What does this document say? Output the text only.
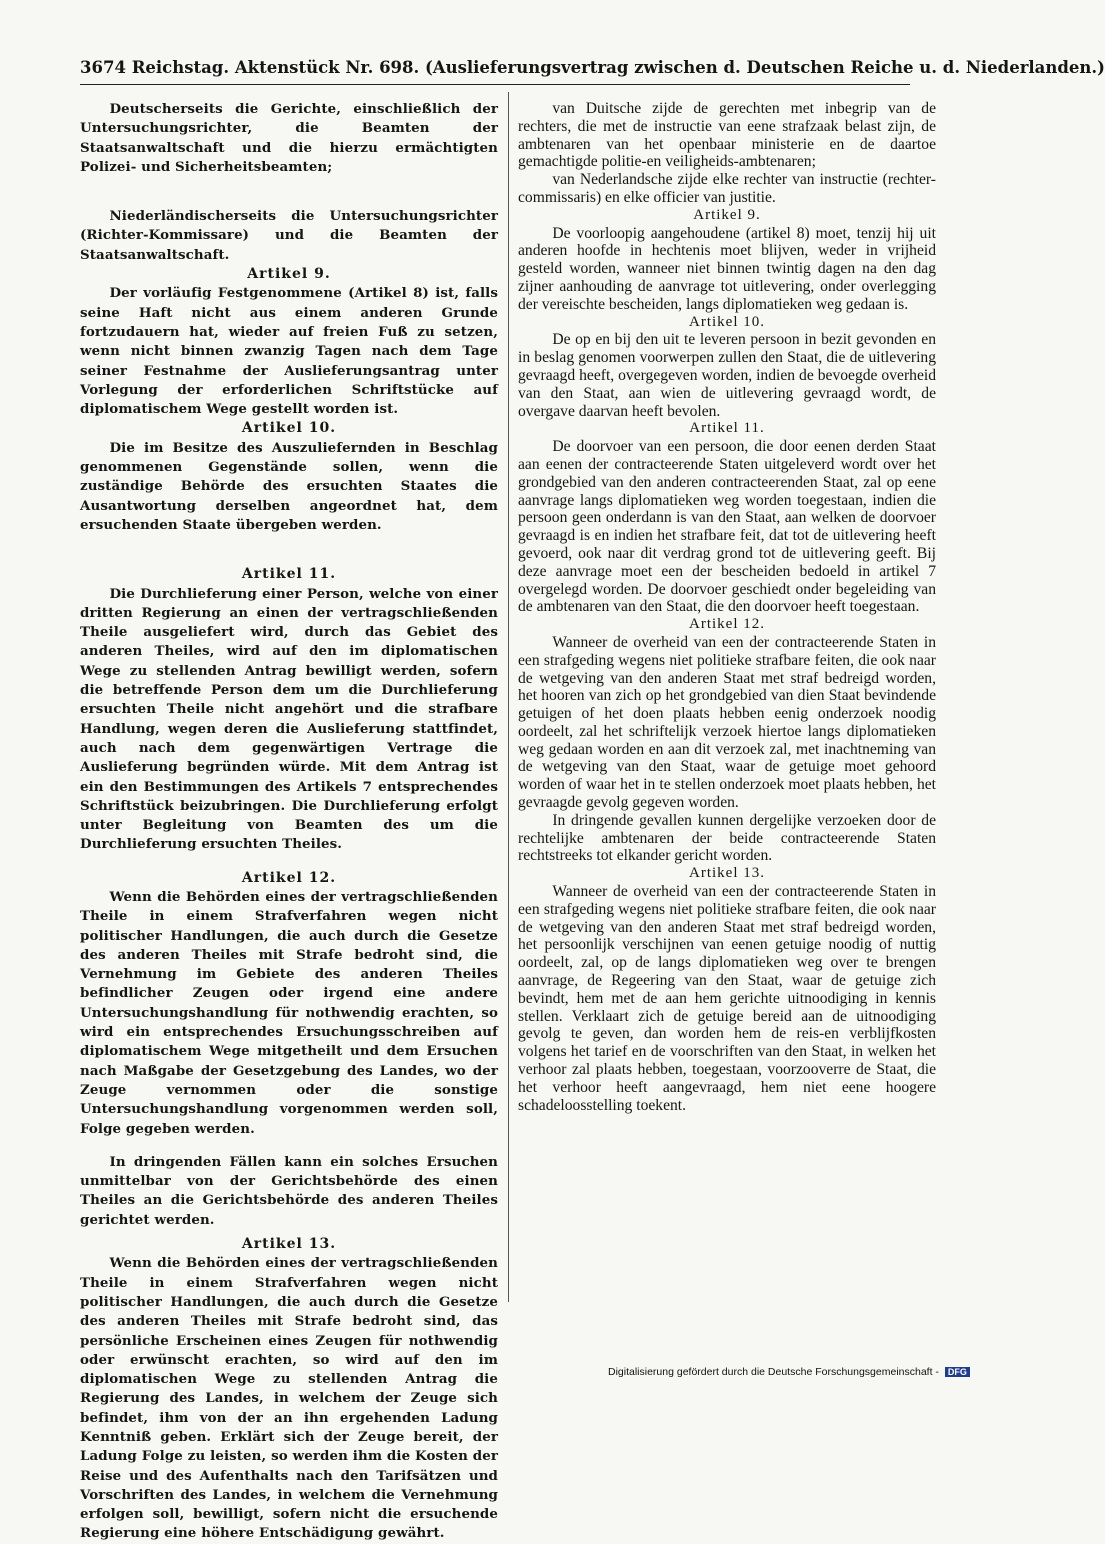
3674 Reichstag. Aktenstück Nr. 698. (Auslieferungsvertrag zwischen d. Deutschen Reiche u. d. Niederlanden.)

Deutscherseits die Gerichte, einschließlich der Untersuchungsrichter, die Beamten der Staatsanwaltschaft und die hierzu ermächtigten Polizei- und Sicherheitsbeamten;

Niederländischerseits die Untersuchungsrichter (Richter-Kommissare) und die Beamten der Staatsanwaltschaft.

Artikel 9.

Der vorläufig Festgenommene (Artikel 8) ist, falls seine Haft nicht aus einem anderen Grunde fortzudauern hat, wieder auf freien Fuß zu setzen, wenn nicht binnen zwanzig Tagen nach dem Tage seiner Festnahme der Auslieferungsantrag unter Vorlegung der erforderlichen Schriftstücke auf diplomatischem Wege gestellt worden ist.

Artikel 10.

Die im Besitze des Auszuliefernden in Beschlag genommenen Gegenstände sollen, wenn die zuständige Behörde des ersuchten Staates die Ausantwortung derselben angeordnet hat, dem ersuchenden Staate übergeben werden.

Artikel 11.

Die Durchlieferung einer Person, welche von einer dritten Regierung an einen der vertragschließenden Theile ausgeliefert wird, durch das Gebiet des anderen Theiles, wird auf den im diplomatischen Wege zu stellenden Antrag bewilligt werden, sofern die betreffende Person dem um die Durchlieferung ersuchten Theile nicht angehört und die strafbare Handlung, wegen deren die Auslieferung stattfindet, auch nach dem gegenwärtigen Vertrage die Auslieferung begründen würde. Mit dem Antrag ist ein den Bestimmungen des Artikels 7 entsprechendes Schriftstück beizubringen. Die Durchlieferung erfolgt unter Begleitung von Beamten des um die Durchlieferung ersuchten Theiles.

Artikel 12.

Wenn die Behörden eines der vertragschließenden Theile in einem Strafverfahren wegen nicht politischer Handlungen, die auch durch die Gesetze des anderen Theiles mit Strafe bedroht sind, die Vernehmung im Gebiete des anderen Theiles befindlicher Zeugen oder irgend eine andere Untersuchungshandlung für nothwendig erachten, so wird ein entsprechendes Ersuchungsschreiben auf diplomatischem Wege mitgetheilt und dem Ersuchen nach Maßgabe der Gesetzgebung des Landes, wo der Zeuge vernommen oder die sonstige Untersuchungshandlung vorgenommen werden soll, Folge gegeben werden.

In dringenden Fällen kann ein solches Ersuchen unmittelbar von der Gerichtsbehörde des einen Theiles an die Gerichtsbehörde des anderen Theiles gerichtet werden.

Artikel 13.

Wenn die Behörden eines der vertragschließenden Theile in einem Strafverfahren wegen nicht politischer Handlungen, die auch durch die Gesetze des anderen Theiles mit Strafe bedroht sind, das persönliche Erscheinen eines Zeugen für nothwendig oder erwünscht erachten, so wird auf den im diplomatischen Wege zu stellenden Antrag die Regierung des Landes, in welchem der Zeuge sich befindet, ihm von der an ihn ergehenden Ladung Kenntniß geben. Erklärt sich der Zeuge bereit, der Ladung Folge zu leisten, so werden ihm die Kosten der Reise und des Aufenthalts nach den Tarifsätzen und Vorschriften des Landes, in welchem die Vernehmung erfolgen soll, bewilligt, sofern nicht die ersuchende Regierung eine höhere Entschädigung gewährt.

van Duitsche zijde de gerechten met inbegrip van de rechters, die met de instructie van eene strafzaak belast zijn, de ambtenaren van het openbaar ministerie en de daartoe gemachtigde politie-en veiligheids-ambtenaren;

van Nederlandsche zijde elke rechter van instructie (rechter-commissaris) en elke officier van justitie.

Artikel 9.

De voorloopig aangehoudene (artikel 8) moet, tenzij hij uit anderen hoofde in hechtenis moet blijven, weder in vrijheid gesteld worden, wanneer niet binnen twintig dagen na den dag zijner aanhouding de aanvrage tot uitlevering, onder overlegging der vereischte bescheiden, langs diplomatieken weg gedaan is.

Artikel 10.

De op en bij den uit te leveren persoon in bezit gevonden en in beslag genomen voorwerpen zullen den Staat, die de uitlevering gevraagd heeft, overgegeven worden, indien de bevoegde overheid van den Staat, aan wien de uitlevering gevraagd wordt, de overgave daarvan heeft bevolen.

Artikel 11.

De doorvoer van een persoon, die door eenen derden Staat aan eenen der contracteerende Staten uitgeleverd wordt over het grondgebied van den anderen contracteerenden Staat, zal op eene aanvrage langs diplomatieken weg worden toegestaan, indien die persoon geen onderdann is van den Staat, aan welken de doorvoer gevraagd is en indien het strafbare feit, dat tot de uitlevering heeft gevoerd, ook naar dit verdrag grond tot de uitlevering geeft. Bij deze aanvrage moet een der bescheiden bedoeld in artikel 7 overgelegd worden. De doorvoer geschiedt onder begeleiding van de ambtenaren van den Staat, die den doorvoer heeft toegestaan.

Artikel 12.

Wanneer de overheid van een der contracteerende Staten in een strafgeding wegens niet politieke strafbare feiten, die ook naar de wetgeving van den anderen Staat met straf bedreigd worden, het hooren van zich op het grondgebied van dien Staat bevindende getuigen of het doen plaats hebben eenig onderzoek noodig oordeelt, zal het schriftelijk verzoek hiertoe langs diplomatieken weg gedaan worden en aan dit verzoek zal, met inachtneming van de wetgeving van den Staat, waar de getuige moet gehoord worden of waar het in te stellen onderzoek moet plaats hebben, het gevraagde gevolg gegeven worden.

In dringende gevallen kunnen dergelijke verzoeken door de rechtelijke ambtenaren der beide contracteerende Staten rechtstreeks tot elkander gericht worden.

Artikel 13.

Wanneer de overheid van een der contracteerende Staten in een strafgeding wegens niet politieke strafbare feiten, die ook naar de wetgeving van den anderen Staat met straf bedreigd worden, het persoonlijk verschijnen van eenen getuige noodig of nuttig oordeelt, zal, op de langs diplomatieken weg over te brengen aanvrage, de Regeering van den Staat, waar de getuige zich bevindt, hem met de aan hem gerichte uitnoodiging in kennis stellen. Verklaart zich de getuige bereid aan de uitnoodiging gevolg te geven, dan worden hem de reis-en verblijfkosten volgens het tarief en de voorschriften van den Staat, in welken het verhoor zal plaats hebben, toegestaan, voorzooverre de Staat, die het verhoor heeft aangevraagd, hem niet eene hoogere schadeloosstelling toekent.

Digitalisierung gefördert durch die Deutsche Forschungsgemeinschaft - DFG
